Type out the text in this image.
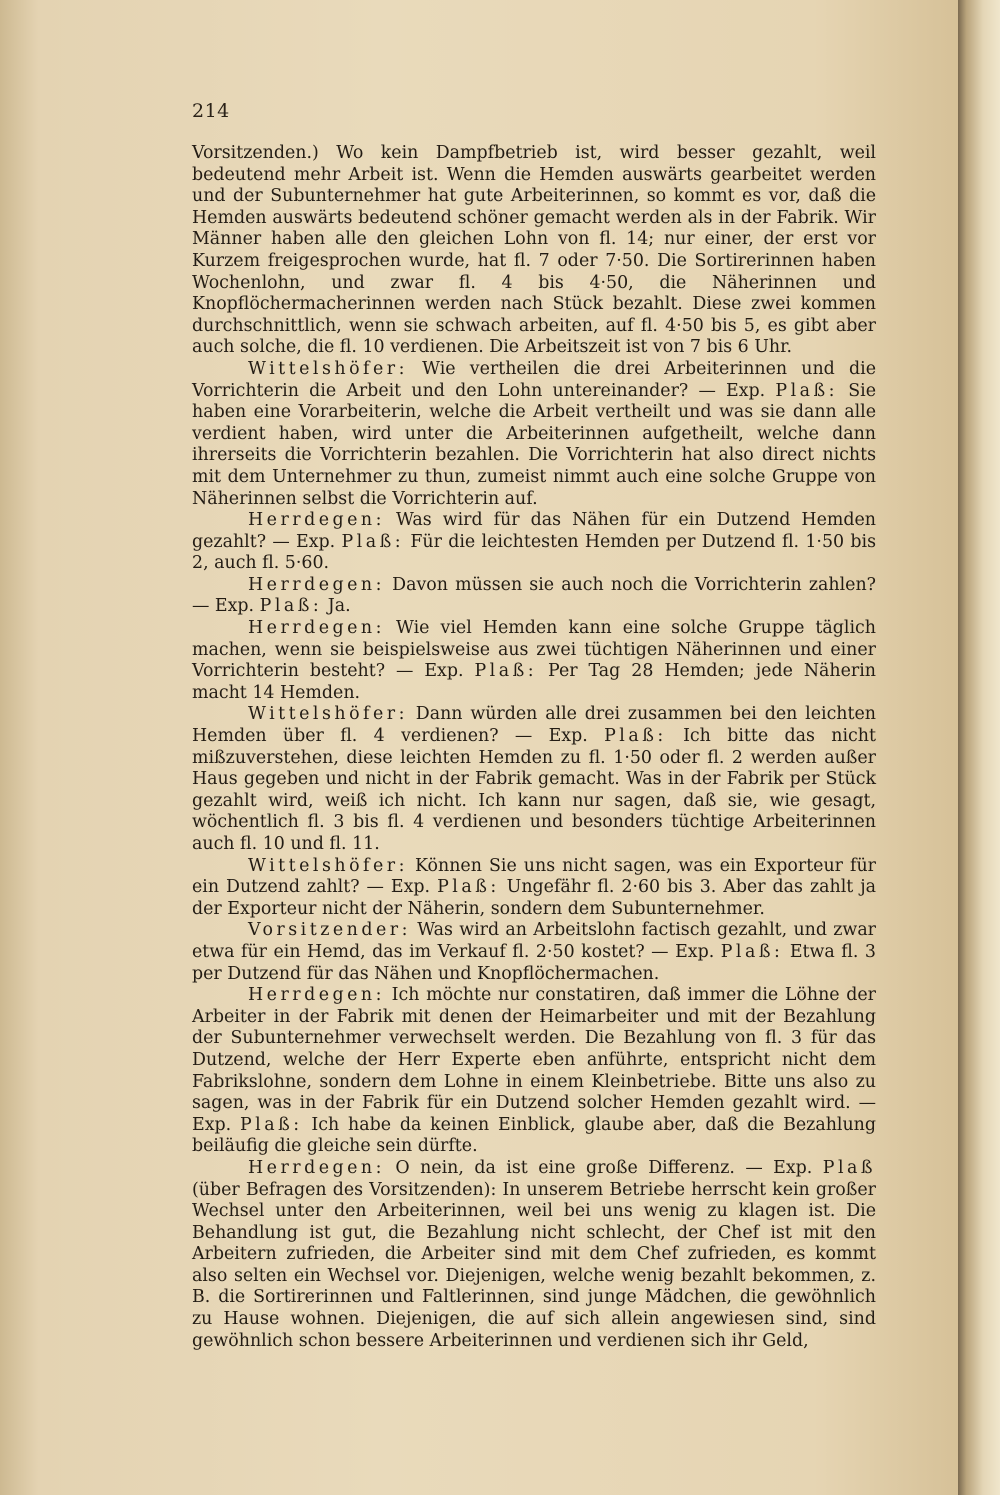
214

Vorsitzenden.) Wo kein Dampfbetrieb ist, wird besser gezahlt, weil bedeutend mehr Arbeit ist. Wenn die Hemden auswärts gearbeitet werden und der Subunternehmer hat gute Arbeiterinnen, so kommt es vor, daß die Hemden auswärts bedeutend schöner gemacht werden als in der Fabrik. Wir Männer haben alle den gleichen Lohn von fl. 14; nur einer, der erst vor Kurzem freigesprochen wurde, hat fl. 7 oder 7·50. Die Sortirerinnen haben Wochenlohn, und zwar fl. 4 bis 4·50, die Näherinnen und Knopflöchermacherinnen werden nach Stück bezahlt. Diese zwei kommen durchschnittlich, wenn sie schwach arbeiten, auf fl. 4·50 bis 5, es gibt aber auch solche, die fl. 10 verdienen. Die Arbeitszeit ist von 7 bis 6 Uhr.

Wittelshöfer: Wie vertheilen die drei Arbeiterinnen und die Vorrichterin die Arbeit und den Lohn untereinander? — Exp. Plaß: Sie haben eine Vorarbeiterin, welche die Arbeit vertheilt und was sie dann alle verdient haben, wird unter die Arbeiterinnen aufgetheilt, welche dann ihrerseits die Vorrichterin bezahlen. Die Vorrichterin hat also direct nichts mit dem Unternehmer zu thun, zumeist nimmt auch eine solche Gruppe von Näherinnen selbst die Vorrichterin auf.

Herrdegen: Was wird für das Nähen für ein Dutzend Hemden gezahlt? — Exp. Plaß: Für die leichtesten Hemden per Dutzend fl. 1·50 bis 2, auch fl. 5·60.

Herrdegen: Davon müssen sie auch noch die Vorrichterin zahlen? — Exp. Plaß: Ja.

Herrdegen: Wie viel Hemden kann eine solche Gruppe täglich machen, wenn sie beispielsweise aus zwei tüchtigen Näherinnen und einer Vorrichterin besteht? — Exp. Plaß: Per Tag 28 Hemden; jede Näherin macht 14 Hemden.

Wittelshöfer: Dann würden alle drei zusammen bei den leichten Hemden über fl. 4 verdienen? — Exp. Plaß: Ich bitte das nicht mißzuverstehen, diese leichten Hemden zu fl. 1·50 oder fl. 2 werden außer Haus gegeben und nicht in der Fabrik gemacht. Was in der Fabrik per Stück gezahlt wird, weiß ich nicht. Ich kann nur sagen, daß sie, wie gesagt, wöchentlich fl. 3 bis fl. 4 verdienen und besonders tüchtige Arbeiterinnen auch fl. 10 und fl. 11.

Wittelshöfer: Können Sie uns nicht sagen, was ein Exporteur für ein Dutzend zahlt? — Exp. Plaß: Ungefähr fl. 2·60 bis 3. Aber das zahlt ja der Exporteur nicht der Näherin, sondern dem Subunternehmer.

Vorsitzender: Was wird an Arbeitslohn factisch gezahlt, und zwar etwa für ein Hemd, das im Verkauf fl. 2·50 kostet? — Exp. Plaß: Etwa fl. 3 per Dutzend für das Nähen und Knopflöchermachen.

Herrdegen: Ich möchte nur constatiren, daß immer die Löhne der Arbeiter in der Fabrik mit denen der Heimarbeiter und mit der Bezahlung der Subunternehmer verwechselt werden. Die Bezahlung von fl. 3 für das Dutzend, welche der Herr Experte eben anführte, entspricht nicht dem Fabrikslohne, sondern dem Lohne in einem Kleinbetriebe. Bitte uns also zu sagen, was in der Fabrik für ein Dutzend solcher Hemden gezahlt wird. — Exp. Plaß: Ich habe da keinen Einblick, glaube aber, daß die Bezahlung beiläufig die gleiche sein dürfte.

Herrdegen: O nein, da ist eine große Differenz. — Exp. Plaß (über Befragen des Vorsitzenden): In unserem Betriebe herrscht kein großer Wechsel unter den Arbeiterinnen, weil bei uns wenig zu klagen ist. Die Behandlung ist gut, die Bezahlung nicht schlecht, der Chef ist mit den Arbeitern zufrieden, die Arbeiter sind mit dem Chef zufrieden, es kommt also selten ein Wechsel vor. Diejenigen, welche wenig bezahlt bekommen, z. B. die Sortirerinnen und Faltlerinnen, sind junge Mädchen, die gewöhnlich zu Hause wohnen. Diejenigen, die auf sich allein angewiesen sind, sind gewöhnlich schon bessere Arbeiterinnen und verdienen sich ihr Geld,
